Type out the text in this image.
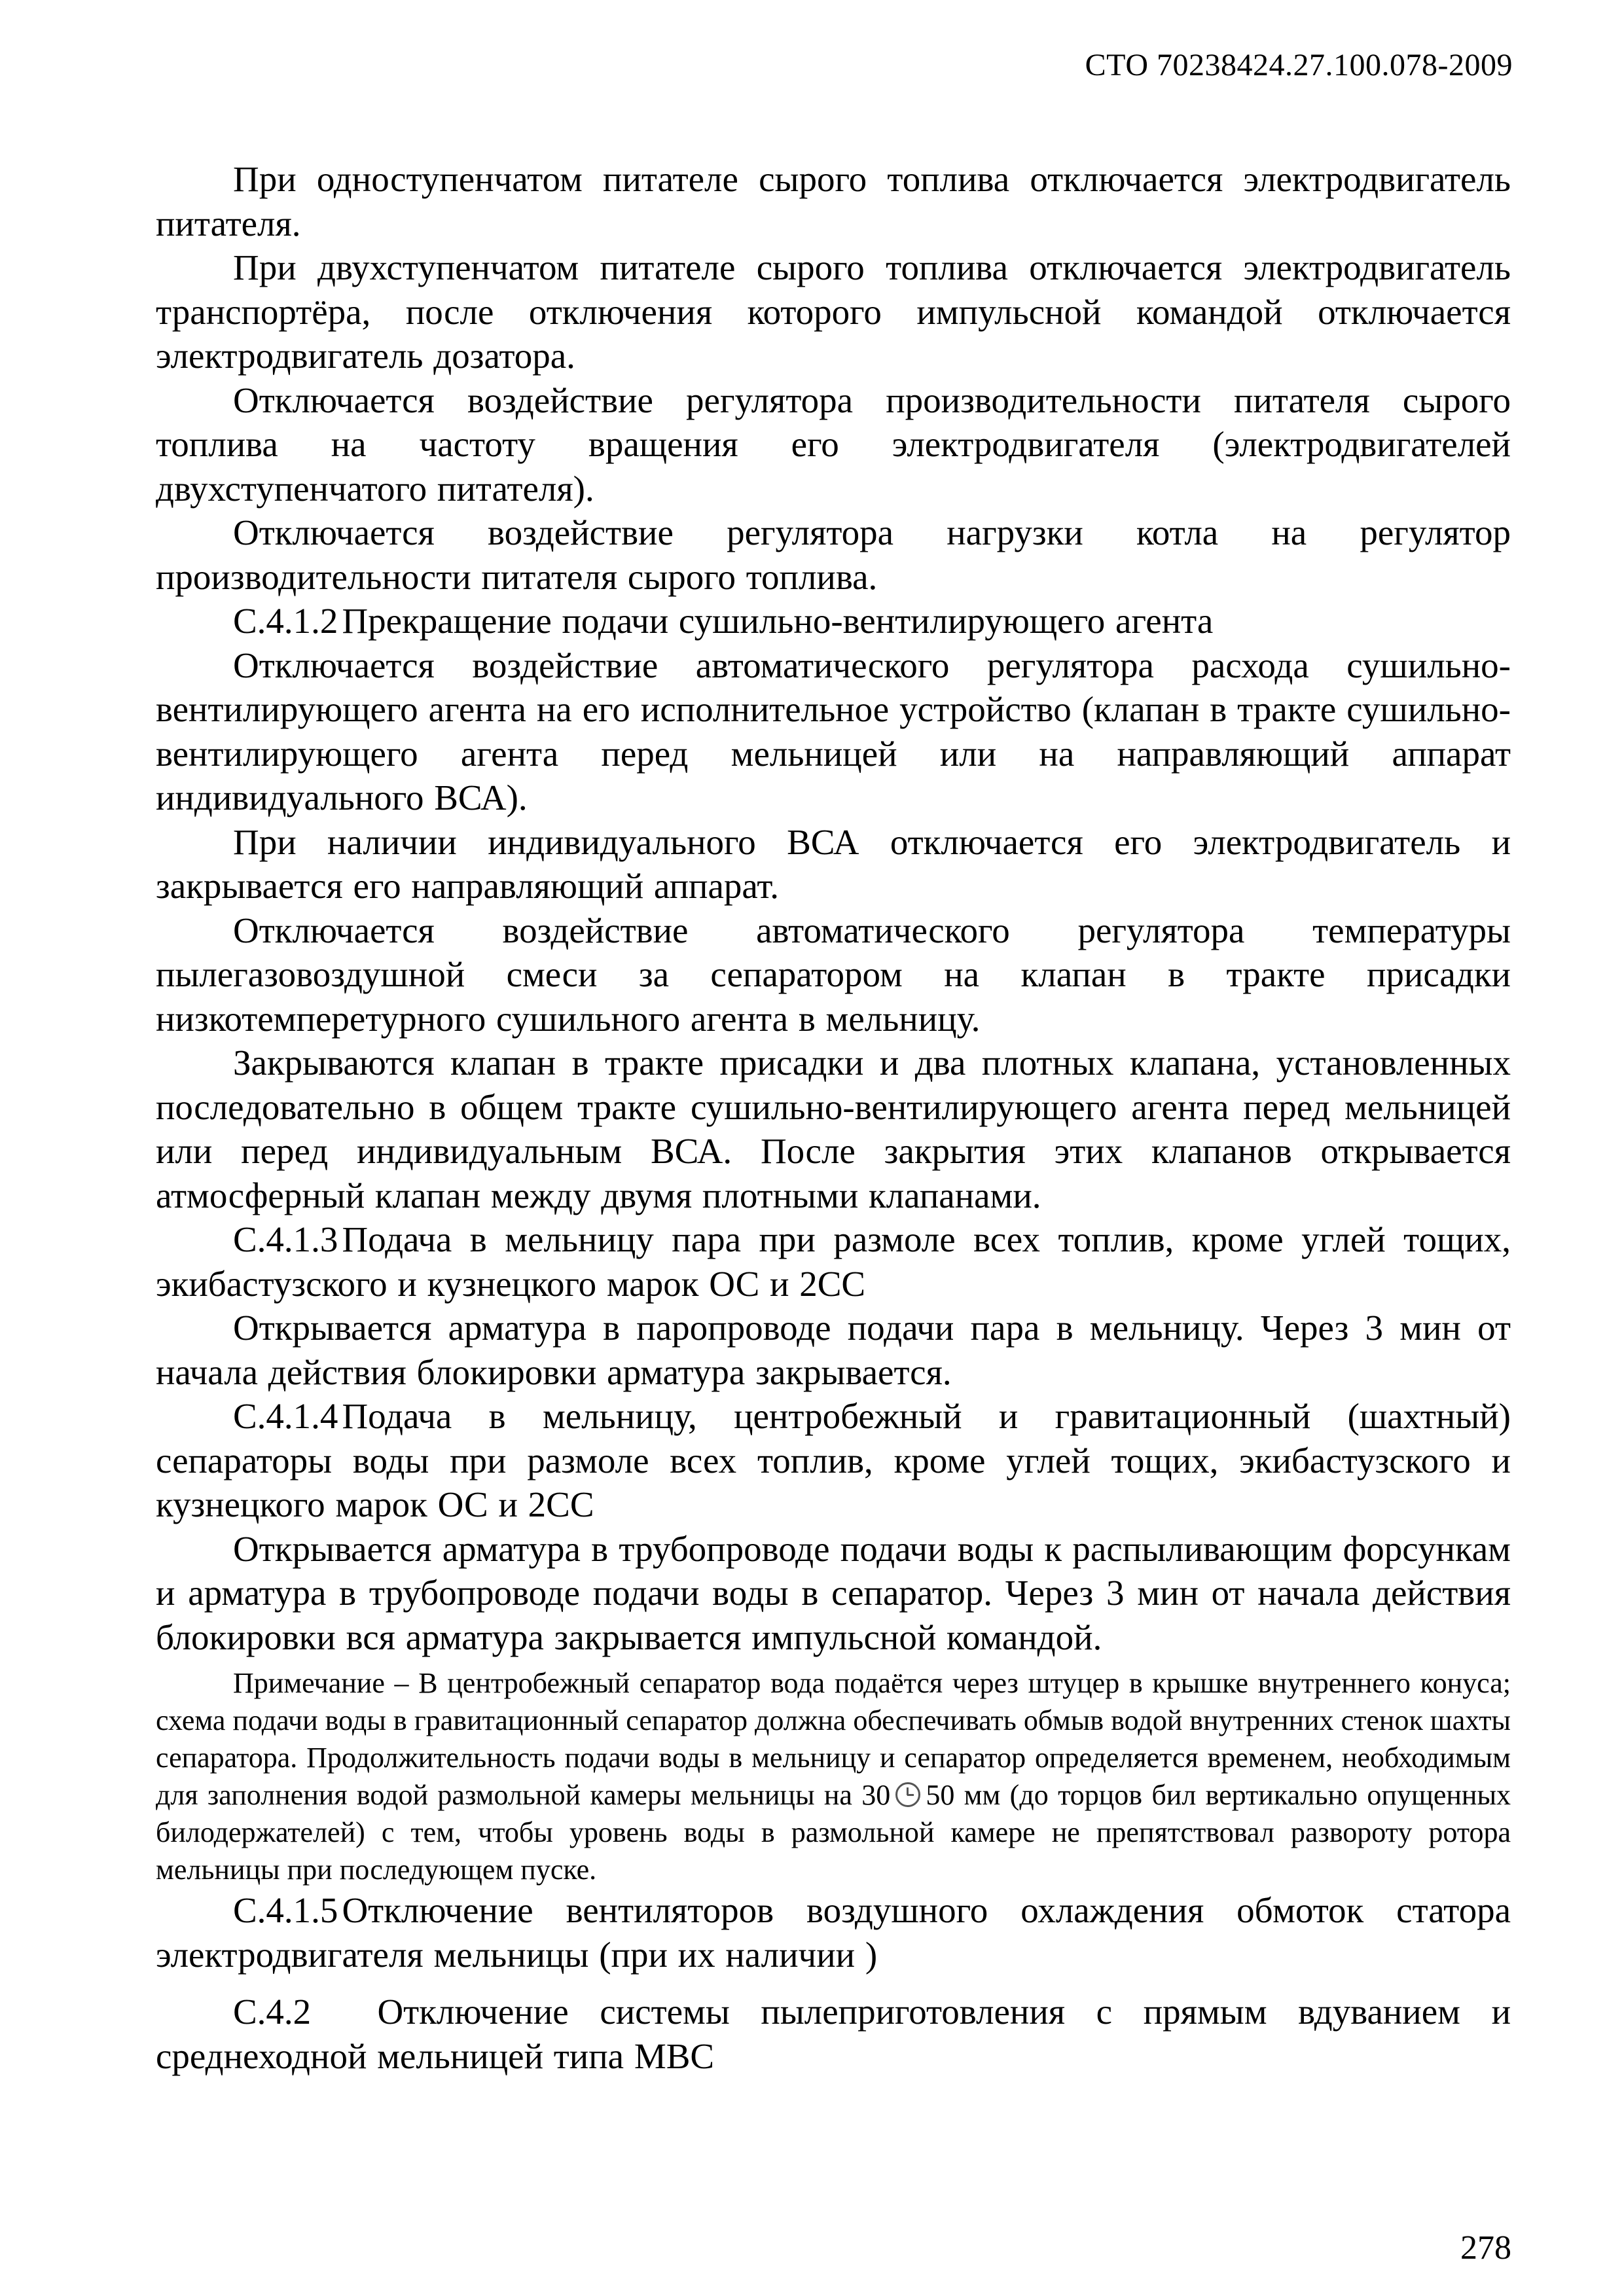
СТО 70238424.27.100.078-2009

При одноступенчатом питателе сырого топлива отключается электродвигатель питателя.

При двухступенчатом питателе сырого топлива отключается электродвигатель транспортёра, после отключения которого импульсной командой отключается электродвигатель дозатора.

Отключается воздействие регулятора производительности питателя сырого топлива на частоту вращения его электродвигателя (электродвигателей двухступенчатого питателя).

Отключается воздействие регулятора нагрузки котла на регулятор производительности питателя сырого топлива.

С.4.1.2 Прекращение подачи сушильно-вентилирующего агента

Отключается воздействие автоматического регулятора расхода сушильно-вентилирующего агента на его исполнительное устройство (клапан в тракте сушильно-вентилирующего агента перед мельницей или на направляющий аппарат индивидуального ВСА).

При наличии индивидуального ВСА отключается его электродвигатель и закрывается его направляющий аппарат.

Отключается воздействие автоматического регулятора температуры пылегазовоздушной смеси за сепаратором на клапан в тракте присадки низкотемперетурного сушильного агента в мельницу.

Закрываются клапан в тракте присадки и два плотных клапана, установленных последовательно в общем тракте сушильно-вентилирующего агента перед мельницей или перед индивидуальным ВСА. После закрытия этих клапанов открывается атмосферный клапан между двумя плотными клапанами.

С.4.1.3 Подача в мельницу пара при размоле всех топлив, кроме углей тощих, экибастузского и кузнецкого марок ОС и 2СС

Открывается арматура в паропроводе подачи пара в мельницу. Через 3 мин от начала действия блокировки арматура закрывается.

С.4.1.4 Подача в мельницу, центробежный и гравитационный (шахтный) сепараторы воды при размоле всех топлив, кроме углей тощих, экибастузского и кузнецкого марок ОС и 2СС

Открывается арматура в трубопроводе подачи воды к распыливающим форсункам и арматура в трубопроводе подачи воды в сепаратор. Через 3 мин от начала действия блокировки вся арматура закрывается импульсной командой.

Примечание – В центробежный сепаратор вода подаётся через штуцер в крышке внутреннего конуса; схема подачи воды в гравитационный сепаратор должна обеспечивать обмыв водой внутренних стенок шахты сепаратора. Продолжительность подачи воды в мельницу и сепаратор определяется временем, необходимым для заполнения водой размольной камеры мельницы на 30 50 мм (до торцов бил вертикально опущенных билодержателей) с тем, чтобы уровень воды в размольной камере не препятствовал развороту ротора мельницы при последующем пуске.

С.4.1.5 Отключение вентиляторов воздушного охлаждения обмоток статора электродвигателя мельницы (при их наличии )

С.4.2 Отключение системы пылеприготовления с прямым вдуванием и среднеходной мельницей типа МВС

278
